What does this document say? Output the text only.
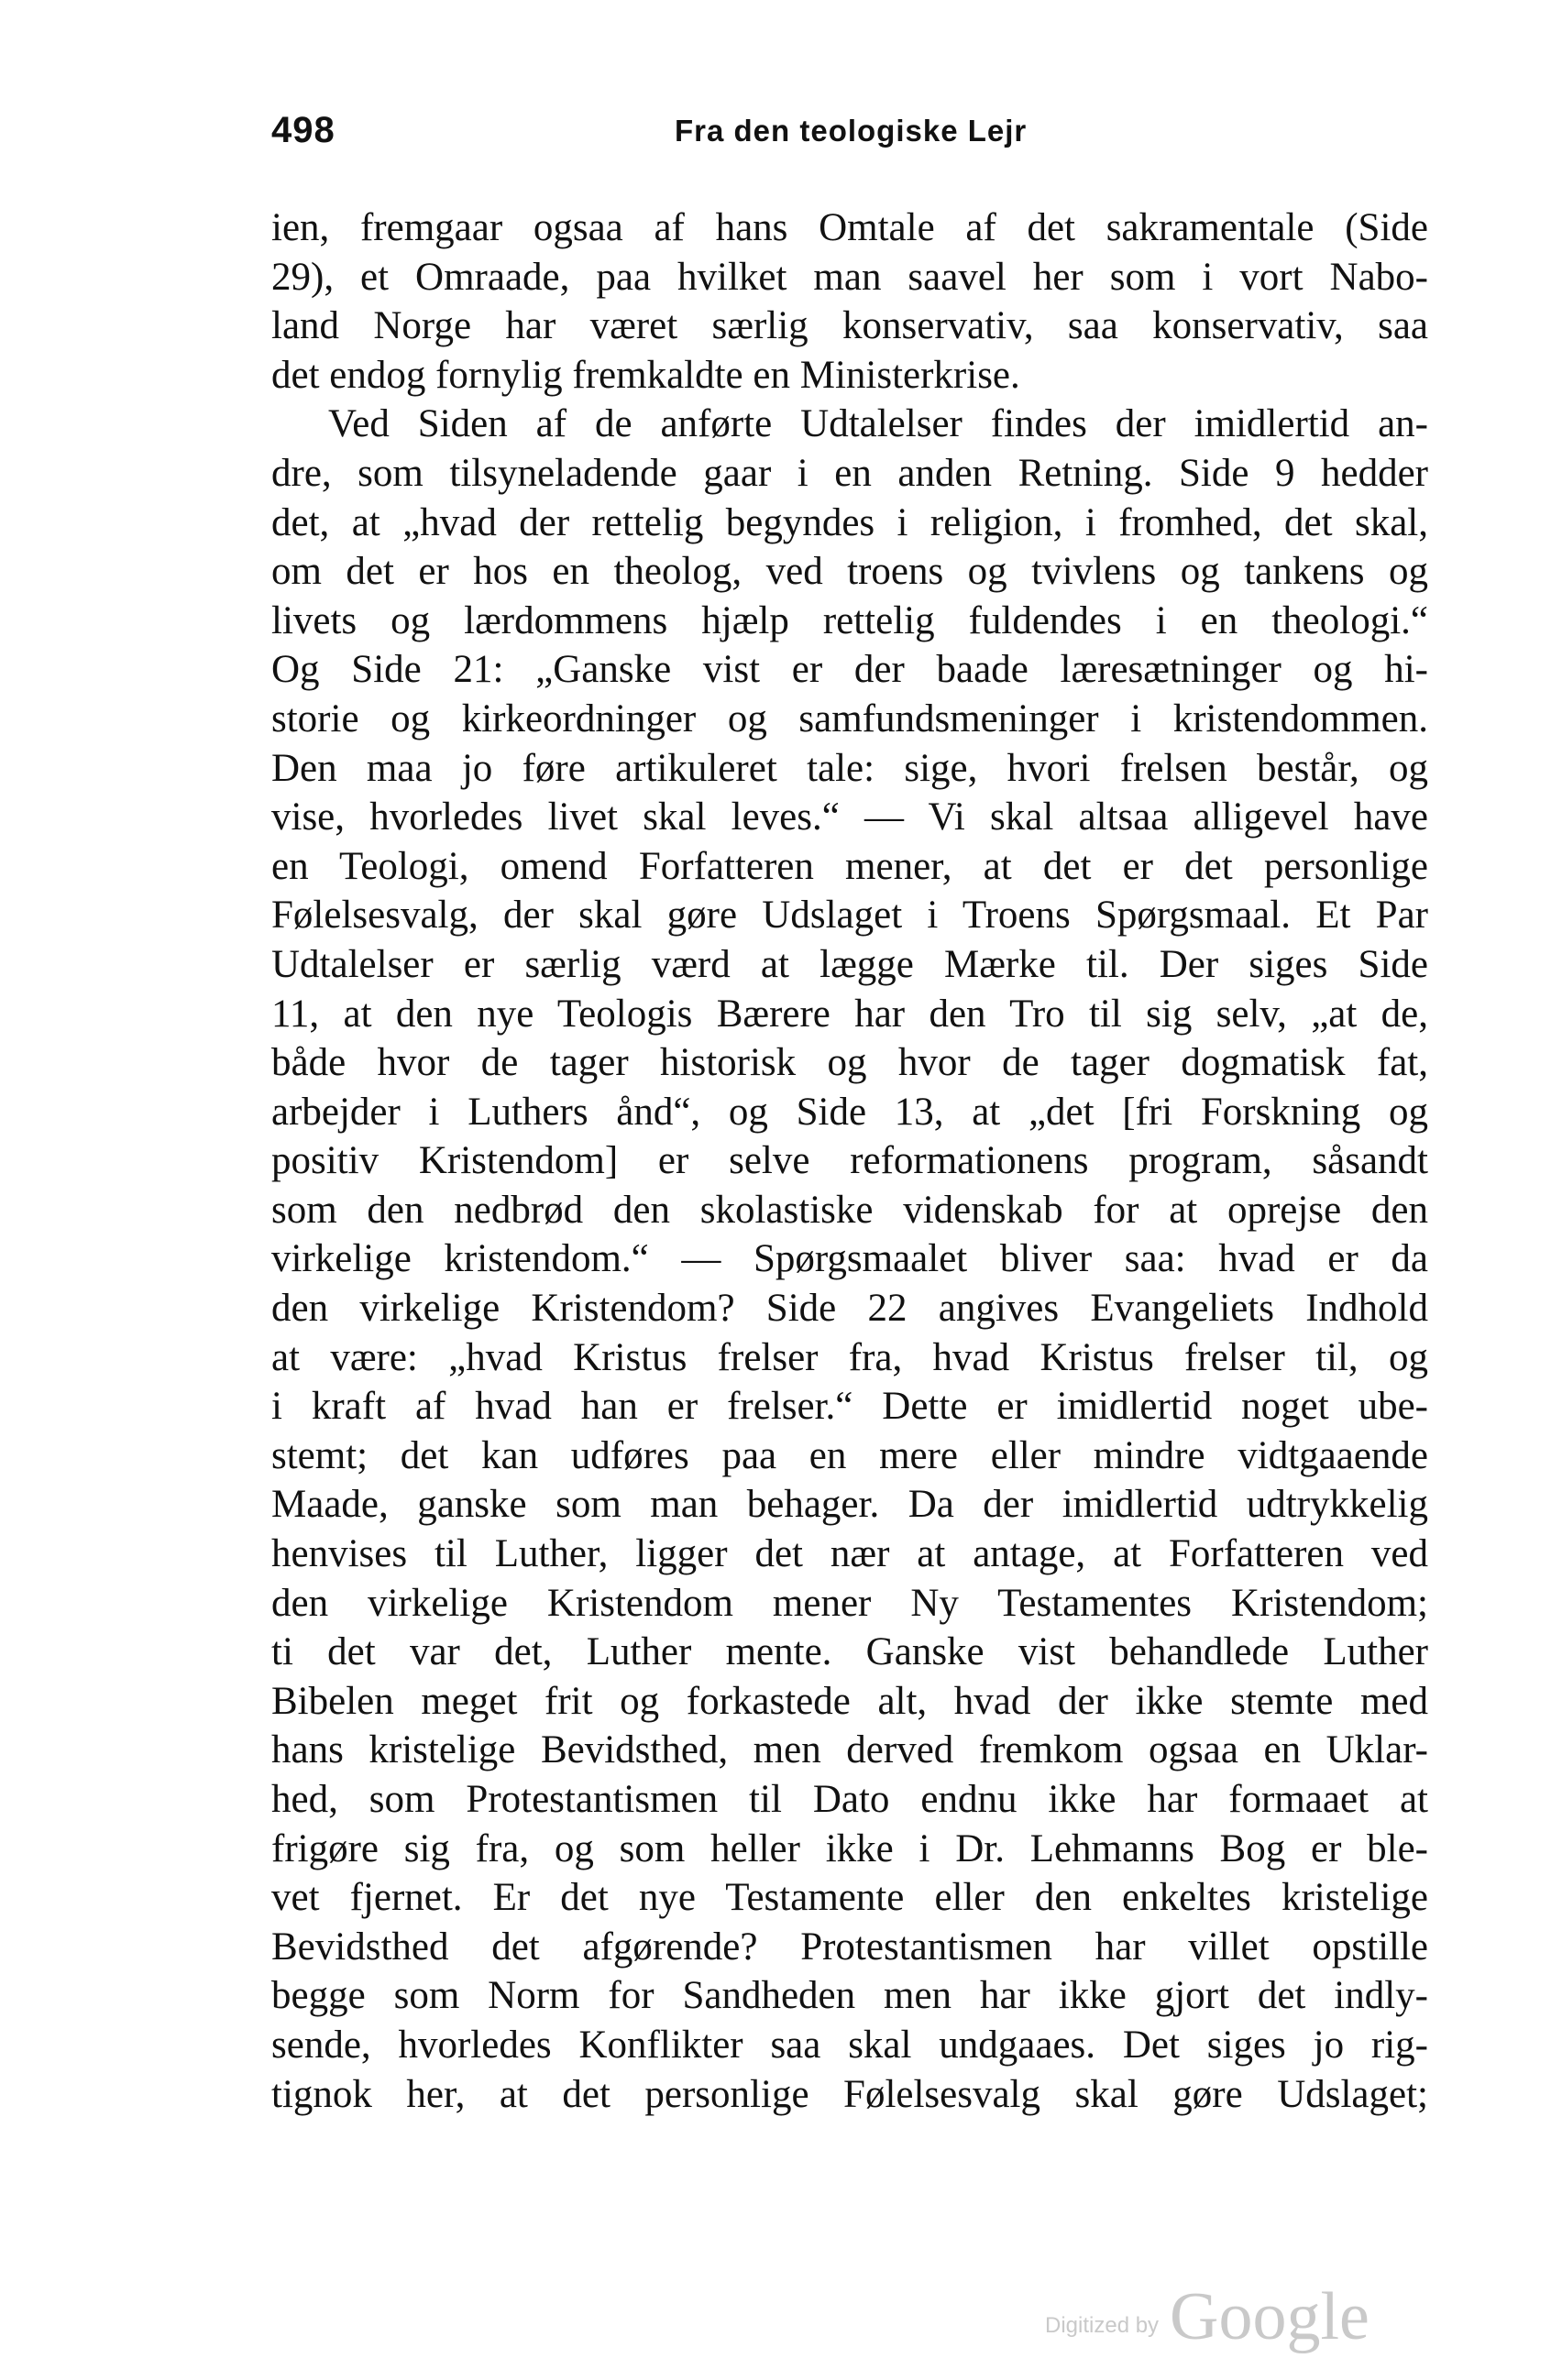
498	Fra den teologiske Lejr
ien, fremgaar ogsaa af hans Omtale af det sakramentale (Side
29), et Omraade, paa hvilket man saavel her som i vort Nabo-
land Norge har været særlig konservativ, saa konservativ, saa
det endog fornylig fremkaldte en Ministerkrise.
Ved Siden af de anførte Udtalelser findes der imidlertid an-
dre, som tilsyneladende gaar i en anden Retning. Side 9 hedder
det, at „hvad der rettelig begyndes i religion, i fromhed, det skal,
om det er hos en theolog, ved troens og tvivlens og tankens og
livets og lærdommens hjælp rettelig fuldendes i en theologi.“
Og Side 21: „Ganske vist er der baade læresætninger og hi-
storie og kirkeordninger og samfundsmeninger i kristendommen.
Den maa jo føre artikuleret tale: sige, hvori frelsen består, og
vise, hvorledes livet skal leves.“ — Vi skal altsaa alligevel have
en Teologi, omend Forfatteren mener, at det er det personlige
Følelsesvalg, der skal gøre Udslaget i Troens Spørgsmaal. Et Par
Udtalelser er særlig værd at lægge Mærke til. Der siges Side
11, at den nye Teologis Bærere har den Tro til sig selv, „at de,
både hvor de tager historisk og hvor de tager dogmatisk fat,
arbejder i Luthers ånd“, og Side 13, at „det [fri Forskning og
positiv Kristendom] er selve reformationens program, såsandt
som den nedbrød den skolastiske videnskab for at oprejse den
virkelige kristendom.“ — Spørgsmaalet bliver saa: hvad er da
den virkelige Kristendom? Side 22 angives Evangeliets Indhold
at være: „hvad Kristus frelser fra, hvad Kristus frelser til, og
i kraft af hvad han er frelser.“ Dette er imidlertid noget ube-
stemt; det kan udføres paa en mere eller mindre vidtgaaende
Maade, ganske som man behager. Da der imidlertid udtrykkelig
henvises til Luther, ligger det nær at antage, at Forfatteren ved
den virkelige Kristendom mener Ny Testamentes Kristendom;
ti det var det, Luther mente. Ganske vist behandlede Luther
Bibelen meget frit og forkastede alt, hvad der ikke stemte med
hans kristelige Bevidsthed, men derved fremkom ogsaa en Uklar-
hed, som Protestantismen til Dato endnu ikke har formaaet at
frigøre sig fra, og som heller ikke i Dr. Lehmanns Bog er ble-
vet fjernet. Er det nye Testamente eller den enkeltes kristelige
Bevidsthed det afgørende? Protestantismen har villet opstille
begge som Norm for Sandheden men har ikke gjort det indly-
sende, hvorledes Konflikter saa skal undgaaes. Det siges jo rig-
tignok her, at det personlige Følelsesvalg skal gøre Udslaget;
Digitized by Google
